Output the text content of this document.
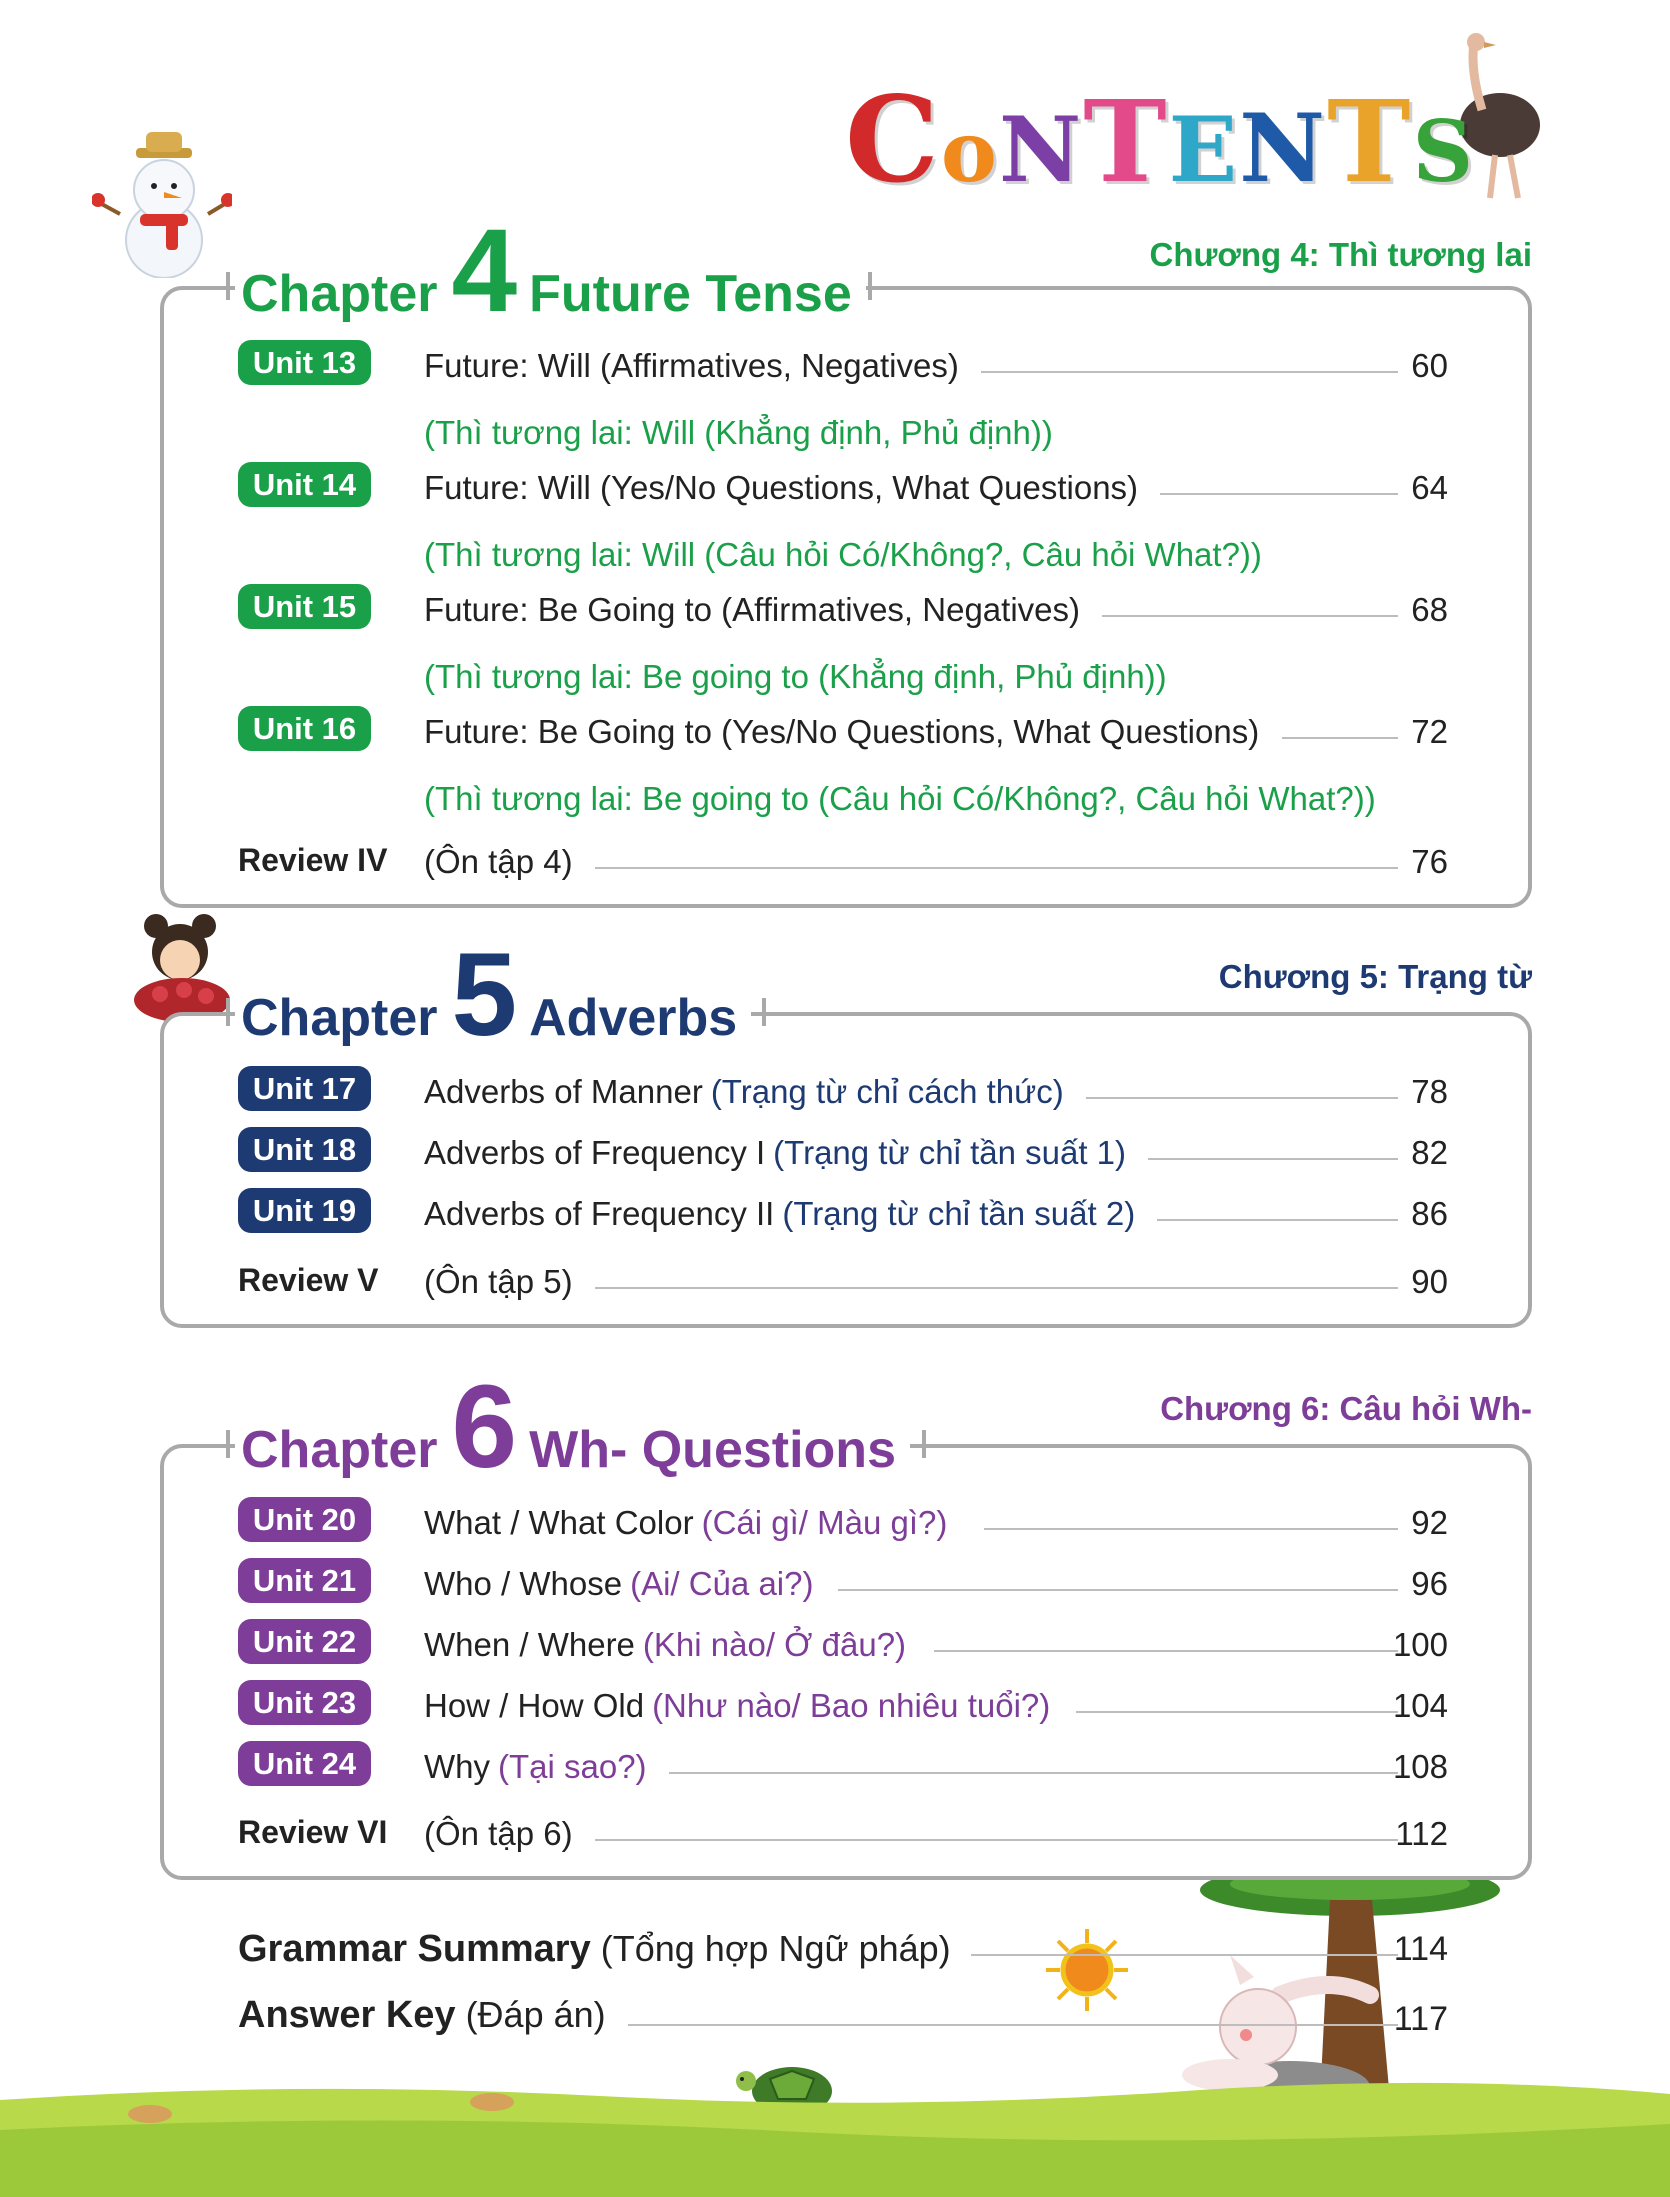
CoNTENTS
Chương 4: Thì tương lai
Chapter 4 Future Tense
Unit 13	Future: Will (Affirmatives, Negatives)	60
(Thì tương lai: Will (Khẳng định, Phủ định))
Unit 14	Future: Will (Yes/No Questions, What Questions)	64
(Thì tương lai: Will (Câu hỏi Có/Không?, Câu hỏi What?))
Unit 15	Future: Be Going to (Affirmatives, Negatives)	68
(Thì tương lai: Be going to (Khẳng định, Phủ định))
Unit 16	Future: Be Going to (Yes/No Questions, What Questions)	72
(Thì tương lai: Be going to (Câu hỏi Có/Không?, Câu hỏi What?))
Review IV (Ôn tập 4)	76
Chương 5: Trạng từ
Chapter 5 Adverbs
Unit 17	Adverbs of Manner (Trạng từ chỉ cách thức)	78
Unit 18	Adverbs of Frequency I (Trạng từ chỉ tần suất 1)	82
Unit 19	Adverbs of Frequency II (Trạng từ chỉ tần suất 2)	86
Review V (Ôn tập 5)	90
Chương 6: Câu hỏi Wh-
Chapter 6 Wh- Questions
Unit 20	What / What Color (Cái gì/ Màu gì?)	92
Unit 21	Who / Whose (Ai/ Của ai?)	96
Unit 22	When / Where (Khi nào/ Ở đâu?)	100
Unit 23	How / How Old (Như nào/ Bao nhiêu tuổi?)	104
Unit 24	Why (Tại sao?)	108
Review VI (Ôn tập 6)	112
Grammar Summary (Tổng hợp Ngữ pháp)	114
Answer Key (Đáp án)	117
